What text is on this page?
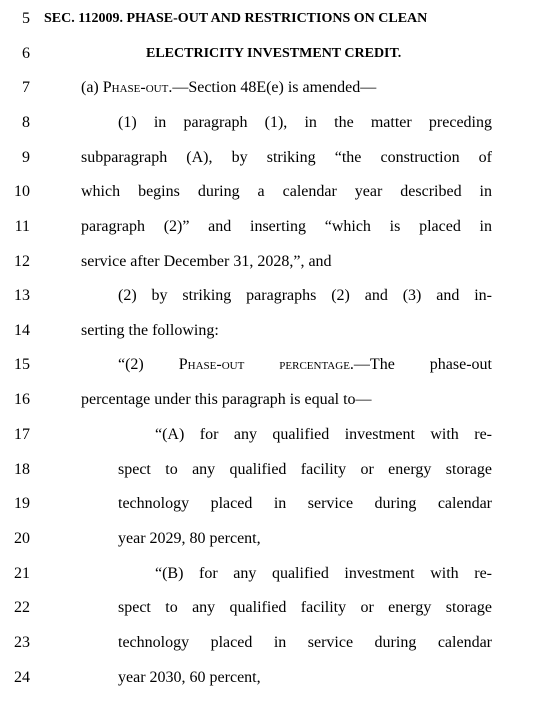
5 SEC. 112009. PHASE-OUT AND RESTRICTIONS ON CLEAN
6	ELECTRICITY INVESTMENT CREDIT.
7	(a) Phase-out.—Section 48E(e) is amended—
8	(1) in paragraph (1), in the matter preceding
9	subparagraph (A), by striking “the construction of
10	which begins during a calendar year described in
11	paragraph (2)” and inserting “which is placed in
12	service after December 31, 2028,”, and
13	(2) by striking paragraphs (2) and (3) and in-
14	serting the following:
15	“(2) Phase-out percentage.—The phase-out
16	percentage under this paragraph is equal to—
17	“(A) for any qualified investment with re-
18	spect to any qualified facility or energy storage
19	technology placed in service during calendar
20	year 2029, 80 percent,
21	“(B) for any qualified investment with re-
22	spect to any qualified facility or energy storage
23	technology placed in service during calendar
24	year 2030, 60 percent,
